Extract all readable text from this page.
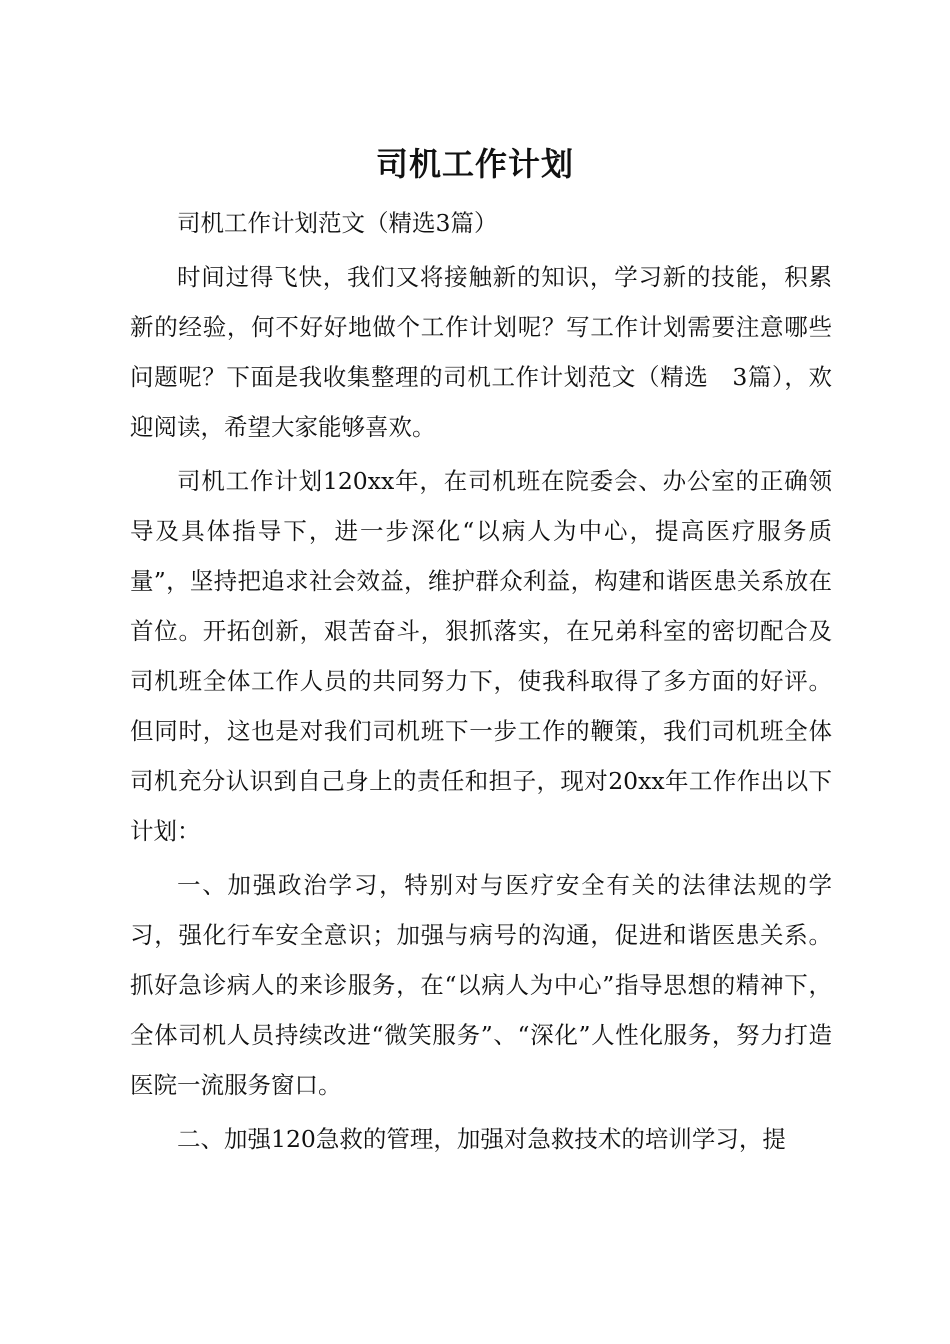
司机工作计划

司机工作计划范文（精选3篇）

时间过得飞快，我们又将接触新的知识，学习新的技能，积累新的经验，何不好好地做个工作计划呢？写工作计划需要注意哪些问题呢？下面是我收集整理的司机工作计划范文（精选　3篇），欢迎阅读，希望大家能够喜欢。

司机工作计划120xx年，在司机班在院委会、办公室的正确领导及具体指导下，进一步深化“以病人为中心，提高医疗服务质量”，坚持把追求社会效益，维护群众利益，构建和谐医患关系放在首位。开拓创新，艰苦奋斗，狠抓落实，在兄弟科室的密切配合及司机班全体工作人员的共同努力下，使我科取得了多方面的好评。但同时，这也是对我们司机班下一步工作的鞭策，我们司机班全体司机充分认识到自己身上的责任和担子，现对20xx年工作作出以下计划：

一、加强政治学习，特别对与医疗安全有关的法律法规的学习，强化行车安全意识；加强与病号的沟通，促进和谐医患关系。抓好急诊病人的来诊服务，在“以病人为中心”指导思想的精神下，全体司机人员持续改进“微笑服务”、“深化”人性化服务，努力打造医院一流服务窗口。

二、加强120急救的管理，加强对急救技术的培训学习，提
